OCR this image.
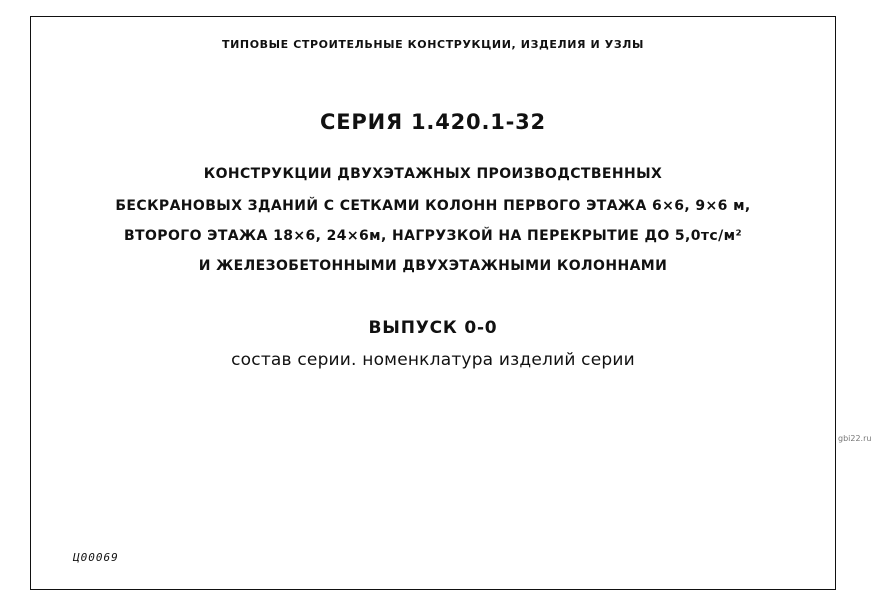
ТИПОВЫЕ СТРОИТЕЛЬНЫЕ КОНСТРУКЦИИ, ИЗДЕЛИЯ И УЗЛЫ
СЕРИЯ 1.420.1-32
КОНСТРУКЦИИ ДВУХЭТАЖНЫХ ПРОИЗВОДСТВЕННЫХ
БЕСКРАНОВЫХ ЗДАНИЙ С СЕТКАМИ КОЛОНН ПЕРВОГО ЭТАЖА 6×6, 9×6 м,
ВТОРОГО ЭТАЖА 18×6, 24×6м, НАГРУЗКОЙ НА ПЕРЕКРЫТИЕ ДО 5,0тс/м²
И ЖЕЛЕЗОБЕТОННЫМИ ДВУХЭТАЖНЫМИ КОЛОННАМИ
ВЫПУСК 0-0
состав серии. номенклатура изделий серии
gbi22.ru
Ц00069
